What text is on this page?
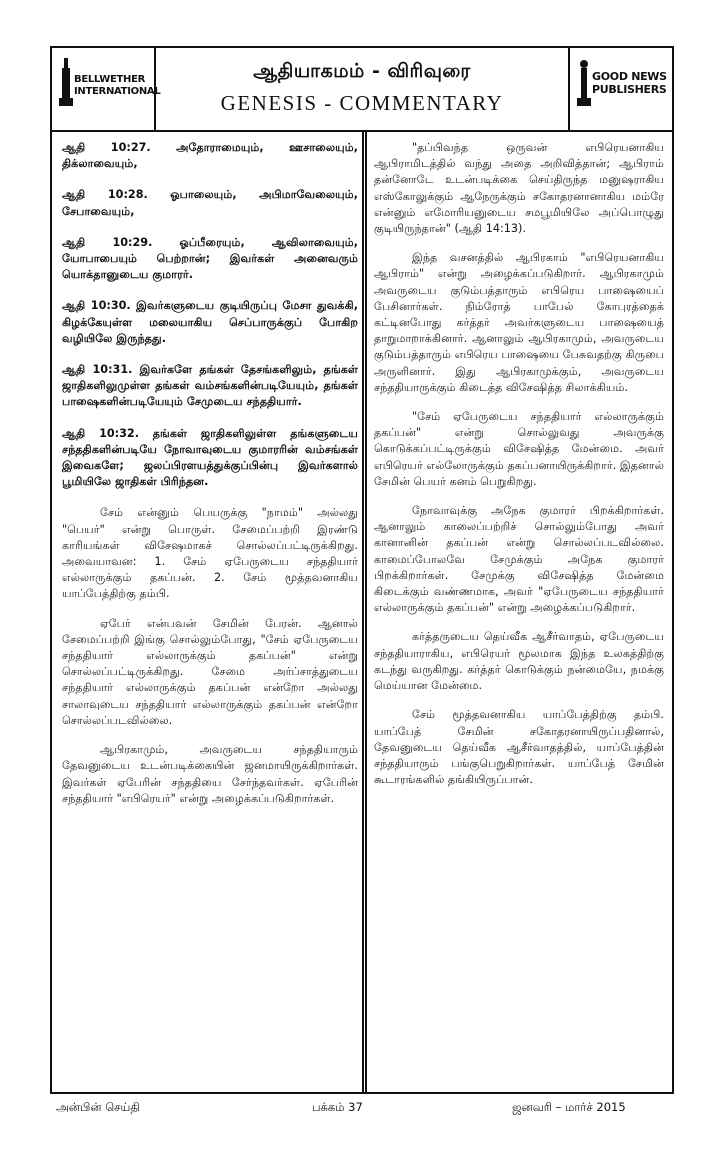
BELLWETHER INTERNATIONAL
ஆதியாகமம் - விரிவுரை
GENESIS - COMMENTARY
GOOD NEWS PUBLISHERS

ஆதி 10:27. அதோராமையும், ஊசாலையும், திக்லாவையும்,

ஆதி 10:28. ஓபாலையும், அபிமாவேலையும், சேபாவையும்,

ஆதி 10:29. ஓப்பீரையும், ஆவிலாவையும், யோபாபையும் பெற்றான்; இவர்கள் அனைவரும் யொக்தானுடைய குமாரர்.

ஆதி 10:30. இவர்களுடைய குடியிருப்பு மேசா துவக்கி, கிழக்கேயுள்ள மலையாகிய செப்பாருக்குப் போகிற வழியிலே இருந்தது.

ஆதி 10:31. இவர்களே தங்கள் தேசங்களிலும், தங்கள் ஜாதிகளிலுமுள்ள தங்கள் வம்சங்களின்படியேயும், தங்கள் பாஷைகளின்படியேயும் சேமுடைய சந்ததியார்.

ஆதி 10:32. தங்கள் ஜாதிகளிலுள்ள தங்களுடைய சந்ததிகளின்படியே நோவாவுடைய குமாரரின் வம்சங்கள் இவைகளே; ஜலப்பிரளயத்துக்குப்பின்பு இவர்களால் பூமியிலே ஜாதிகள் பிரிந்தன.

சேம் என்னும் பெயருக்கு "நாமம்" அல்லது "பெயர்" என்று பொருள். சேமைப்பற்றி இரண்டு காரியங்கள் விசேஷமாகச் சொல்லப்பட்டிருக்கிறது. அவையாவன: 1. சேம் ஏபேருடைய சந்ததியார் எல்லாருக்கும் தகப்பன். 2. சேம் மூத்தவனாகிய யாப்பேத்திற்கு தம்பி.

ஏபேர் என்பவன் சேமின் பேரன். ஆனால் சேமைப்பற்றி இங்கு சொல்லும்போது, "சேம் ஏபேருடைய சந்ததியார் எல்லாருக்கும் தகப்பன்" என்று சொல்லப்பட்டிருக்கிறது. சேமை அர்ப்சாத்துடைய சந்ததியார் எல்லாருக்கும் தகப்பன் என்றோ அல்லது சாலாவுடைய சந்ததியார் எல்லாருக்கும் தகப்பன் என்றோ சொல்லப்படவில்லை.

ஆபிரகாமும், அவருடைய சந்ததியாரும் தேவனுடைய உடன்படிக்கையின் ஜனமாயிருக்கிறார்கள். இவர்கள் ஏபேரின் சந்ததியை சேர்ந்தவர்கள். ஏபேரின் சந்ததியார் "எபிரெயர்" என்று அழைக்கப்படுகிறார்கள்.

"தப்பிவந்த ஒருவன் எபிரெயனாகிய ஆபிராமிடத்தில் வந்து அதை அறிவித்தான்; ஆபிராம் தன்னோடே உடன்படிக்கை செய்திருந்த மனுஷராகிய எஸ்கோலுக்கும் ஆநேருக்கும் சகோதரனானாகிய மம்ரே என்னும் எமோரியனுடைய சமபூமியிலே அப்பொழுது குடியிருந்தான்" (ஆதி 14:13).

இந்த வசனத்தில் ஆபிரகாம் "எபிரெயனாகிய ஆபிராம்" என்று அழைக்கப்படுகிறார். ஆபிரகாமும் அவருடைய குடும்பத்தாரும் எபிரெய பாஷையைப் பேசினார்கள். நிம்ரோத் பாபேல் கோபுரத்தைக் கட்டினபோது கர்த்தர் அவர்களுடைய பாஷையைத் தாறுமாறாக்கினார். ஆனாலும் ஆபிரகாமும், அவருடைய குடும்பத்தாரும் எபிரெய பாஷையை பேசுவதற்கு கிருபை அருளினார். இது ஆபிரகாமுக்கும், அவருடைய சந்ததியாருக்கும் கிடைத்த விசேஷித்த சிலாக்கியம்.

"சேம் ஏபேருடைய சந்ததியார் எல்லாருக்கும் தகப்பன்" என்று சொல்லுவது அவருக்கு கொடுக்கப்பட்டிருக்கும் விசேஷித்த மேன்மை. அவர் எபிரெயர் எல்லோருக்கும் தகப்பனாயிருக்கிறார். இதனால் சேமின் பெயர் கனம் பெறுகிறது.

நோவாவுக்கு அநேக குமாரர் பிறக்கிறார்கள். ஆனாலும் காலைப்பற்றிச் சொல்லும்போது அவர் கானானின் தகப்பன் என்று சொல்லப்படவில்லை. காமைப்போலவே சேமுக்கும் அநேக குமாரர் பிறக்கிறார்கள். சேமுக்கு விசேஷித்த மேன்மை கிடைக்கும் வண்ணமாக, அவர் "ஏபேருடைய சந்ததியார் எல்லாருக்கும் தகப்பன்" என்று அழைக்கப்படுகிறார்.

கர்த்தருடைய தெய்வீக ஆசீர்வாதம், ஏபேருடைய சந்ததியாராகிய, எபிரெயர் மூலமாக இந்த உலகத்திற்கு கடந்து வருகிறது. கர்த்தர் கொடுக்கும் நன்மையே, நமக்கு மெய்யான மேன்மை.

சேம் மூத்தவனாகிய யாப்பேத்திற்கு தம்பி. யாப்பேத் சேமின் சகோதரனாயிருப்பதினால், தேவனுடைய தெய்வீக ஆசீர்வாதத்தில், யாப்பேத்தின் சந்ததியாரும் பங்குபெறுகிறார்கள். யாப்பேத் சேமின் கூடாரங்களில் தங்கியிருப்பான்.

அன்பின் செய்தி	பக்கம் 37	ஜனவரி – மார்ச் 2015
